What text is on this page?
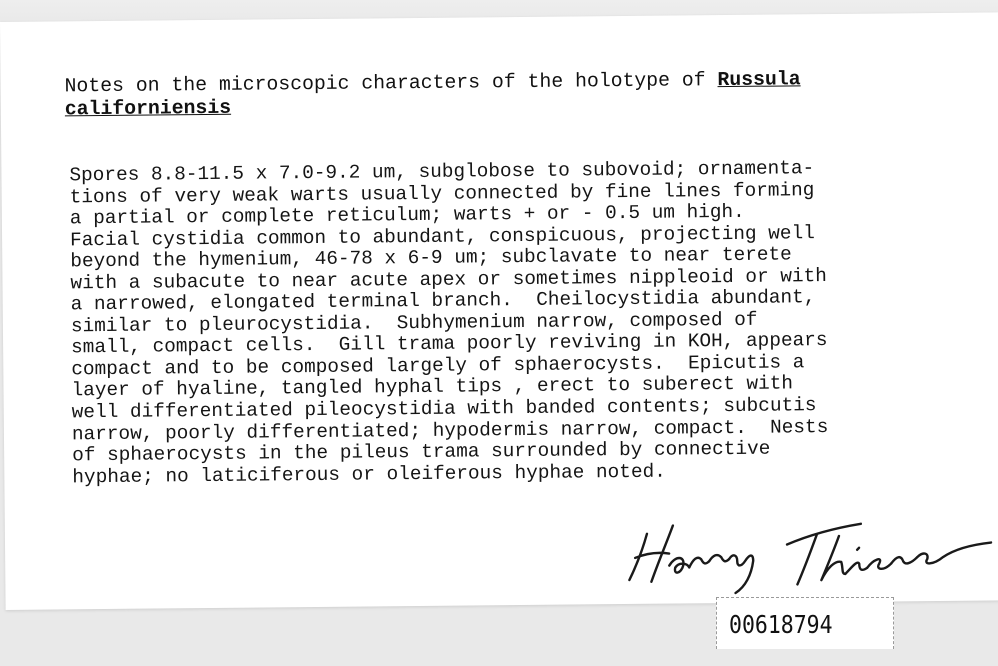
Notes on the microscopic characters of the holotype of Russula
californiensis
Spores 8.8-11.5 x 7.0-9.2 um, subglobose to subovoid; ornamenta-
tions of very weak warts usually connected by fine lines forming
a partial or complete reticulum; warts + or - 0.5 um high.
Facial cystidia common to abundant, conspicuous, projecting well
beyond the hymenium, 46-78 x 6-9 um; subclavate to near terete
with a subacute to near acute apex or sometimes nippleoid or with
a narrowed, elongated terminal branch.  Cheilocystidia abundant,
similar to pleurocystidia.  Subhymenium narrow, composed of
small, compact cells.  Gill trama poorly reviving in KOH, appears
compact and to be composed largely of sphaerocysts.  Epicutis a
layer of hyaline, tangled hyphal tips , erect to suberect with
well differentiated pileocystidia with banded contents; subcutis
narrow, poorly differentiated; hypodermis narrow, compact.  Nests
of sphaerocysts in the pileus trama surrounded by connective
hyphae; no laticiferous or oleiferous hyphae noted.
00618794
